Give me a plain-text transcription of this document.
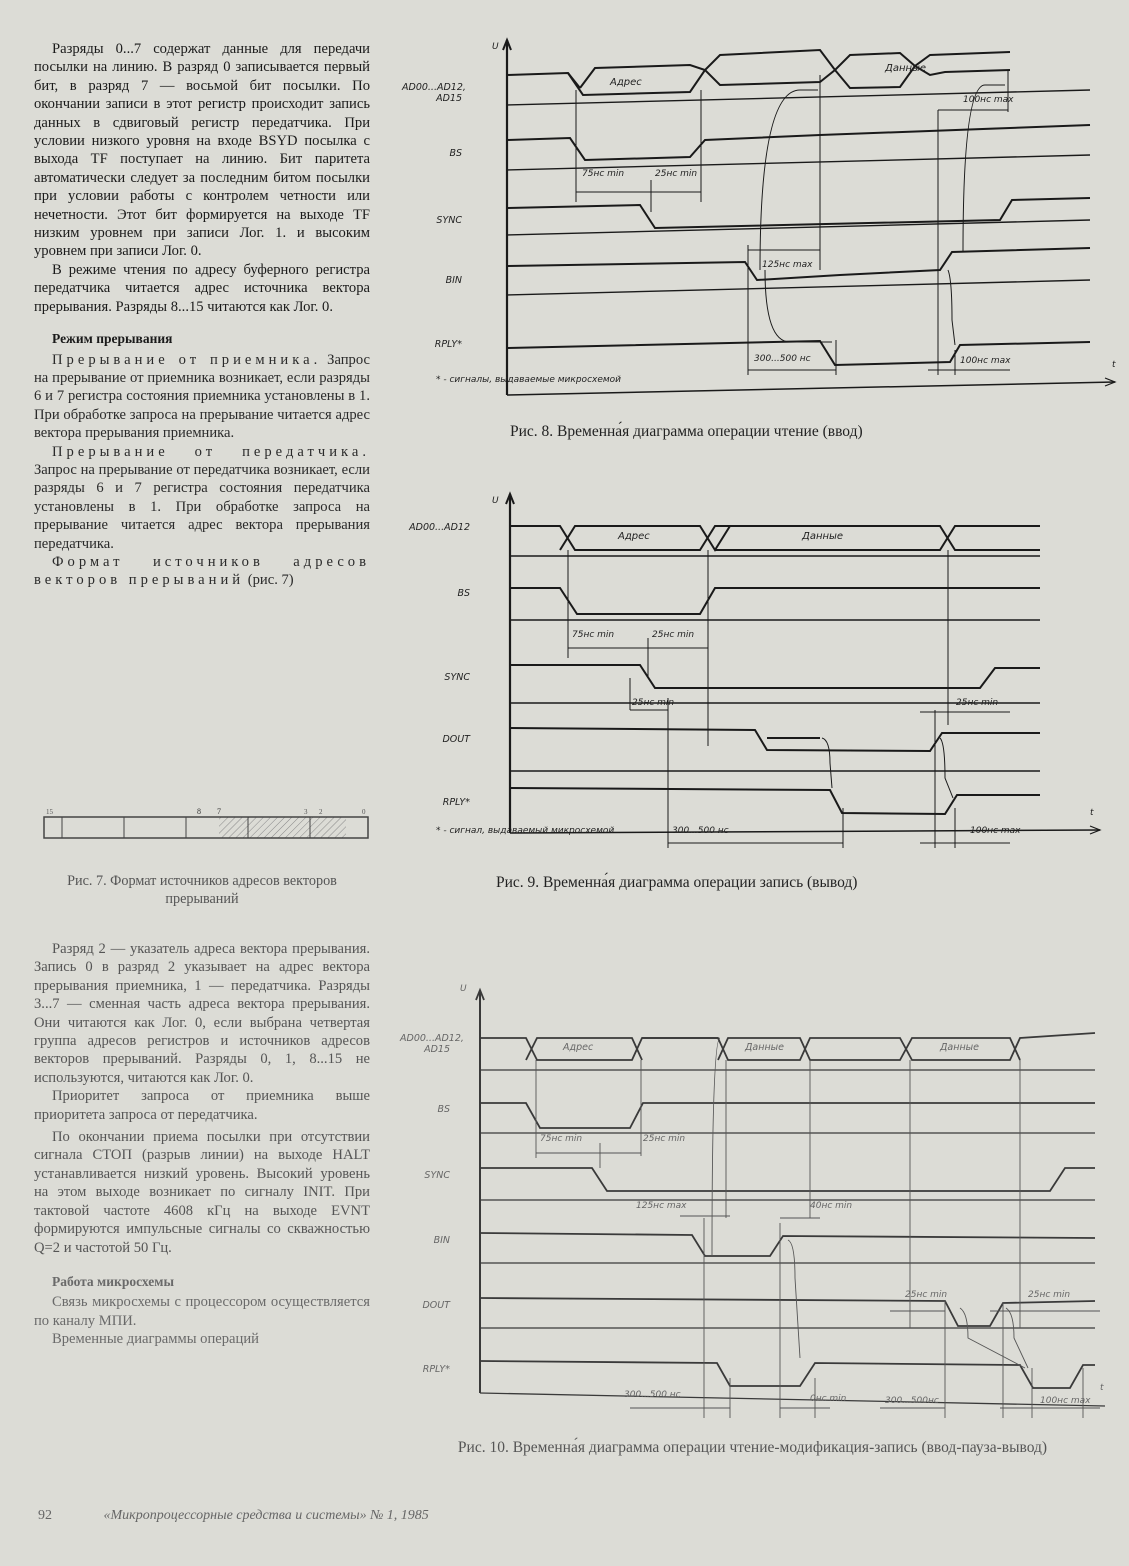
Разряды 0...7 содержат данные для передачи посылки на линию. В разряд 0 записывается первый бит, в разряд 7 — восьмой бит посылки. По окончании записи в этот регистр происходит запись данных в сдвиговый регистр передатчика. При условии низкого уровня на входе BSYD посылка с выхода TF поступает на линию. Бит паритета автоматически следует за последним битом посылки при условии работы с контролем четности или нечетности. Этот бит формируется на выходе TF низким уровнем при записи Лог. 1. и высоким уровнем при записи Лог. 0.

В режиме чтения по адресу буферного регистра передатчика читается адрес источника вектора прерывания. Разряды 8...15 читаются как Лог. 0.

Режим прерывания

Прерывание от приемника. Запрос на прерывание от приемника возникает, если разряды 6 и 7 регистра состояния приемника установлены в 1. При обработке запроса на прерывание читается адрес вектора прерывания приемника.

Прерывание от передатчика. Запрос на прерывание от передатчика возникает, если разряды 6 и 7 регистра состояния передатчика установлены в 1. При обработке запроса на прерывание читается адрес вектора прерывания передатчика.

Формат источников адресов векторов прерываний (рис. 7)

15	8 7	3 2	0
Рис. 7. Формат источников адресов векторов прерываний

Разряд 2 — указатель адреса вектора прерывания. Запись 0 в разряд 2 указывает на адрес вектора прерывания приемника, 1 — передатчика. Разряды 3...7 — сменная часть адреса вектора прерывания. Они читаются как Лог. 0, если выбрана четвертая группа адресов регистров и источников адресов векторов прерываний. Разряды 0, 1, 8...15 не используются, читаются как Лог. 0.

Приоритет запроса от приемника выше приоритета запроса от передатчика.

По окончании приема посылки при отсутствии сигнала СТОП (разрыв линии) на выходе HALT устанавливается низкий уровень. Высокий уровень на этом выходе возникает по сигналу INIT. При тактовой частоте 4608 кГц на выходе EVNT формируются импульсные сигналы со скважностью Q=2 и частотой 50 Гц.

Работа микросхемы

Связь микросхемы с процессором осуществляется по каналу МПИ.

Временные диаграммы операций

AD00...AD12, AD15
BS
SYNC
BIN
RPLY*
U
t
Адрес
Данные
75нс min	25нс min
125нс max
100нс max
300...500 нс	100нс max
* - сигналы, выдаваемые микросхемой
Рис. 8. Временна́я диаграмма операции чтение (ввод)
AD00...AD12
BS
SYNC
DOUT
RPLY*
U
t
Адрес	Данные
75нс min	25нс min
25нс min	25нс min
300...500 нс	100нс max
* - сигнал, выдаваемый микросхемой
Рис. 9. Временна́я диаграмма операции запись (вывод)
AD00...AD12, AD15
BS
SYNC
BIN
DOUT
RPLY*
U
t
Адрес	Данные	Данные
75нс min	25нс min
125нс max	40нс min
25нс min	25нс min
300...500 нс	0нс min	300...500нс	100нс max
Рис. 10. Временна́я диаграмма операции чтение-модификация-запись (ввод-пауза-вывод)
92	«Микропроцессорные средства и системы» № 1, 1985
